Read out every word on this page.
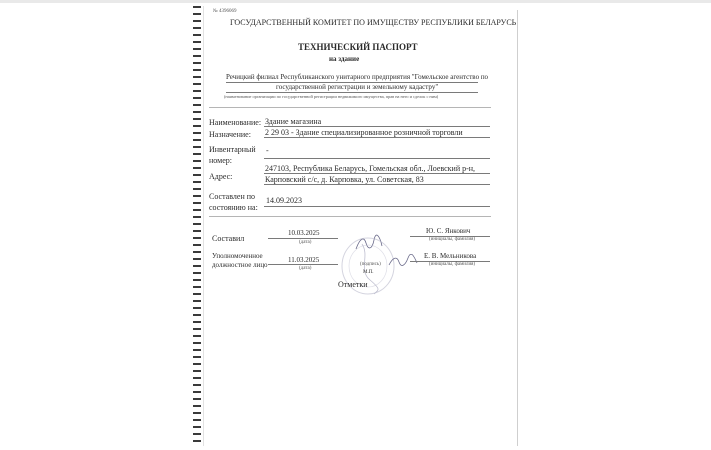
№ 4396069
ГОСУДАРСТВЕННЫЙ КОМИТЕТ ПО ИМУЩЕСТВУ РЕСПУБЛИКИ БЕЛАРУСЬ
ТЕХНИЧЕСКИЙ ПАСПОРТ
на здание
Речицкий филиал Республиканского унитарного предприятия "Гомельское агентство по
государственной регистрации и земельному кадастру"
(наименование организации по государственной регистрации недвижимого имущества, прав на него и сделок с ним)
Наименование: Здание магазина
Назначение: 2 29 03 - Здание специализированное розничной торговли
Инвентарный
номер:
-
Адрес:
247103, Республика Беларусь, Гомельская обл., Лоевский р-н,
Карповский с/с, д. Карповка, ул. Советская, 83
Составлен по
состоянию на:
14.09.2023
Составил
10.03.2025
(дата)
Ю. С. Янкович
(инициалы, фамилия)
Уполномоченное
должностное лицо
11.03.2025
(дата)
(подпись)
М.П.
Е. В. Мельникова
(инициалы, фамилия)
Отметки
